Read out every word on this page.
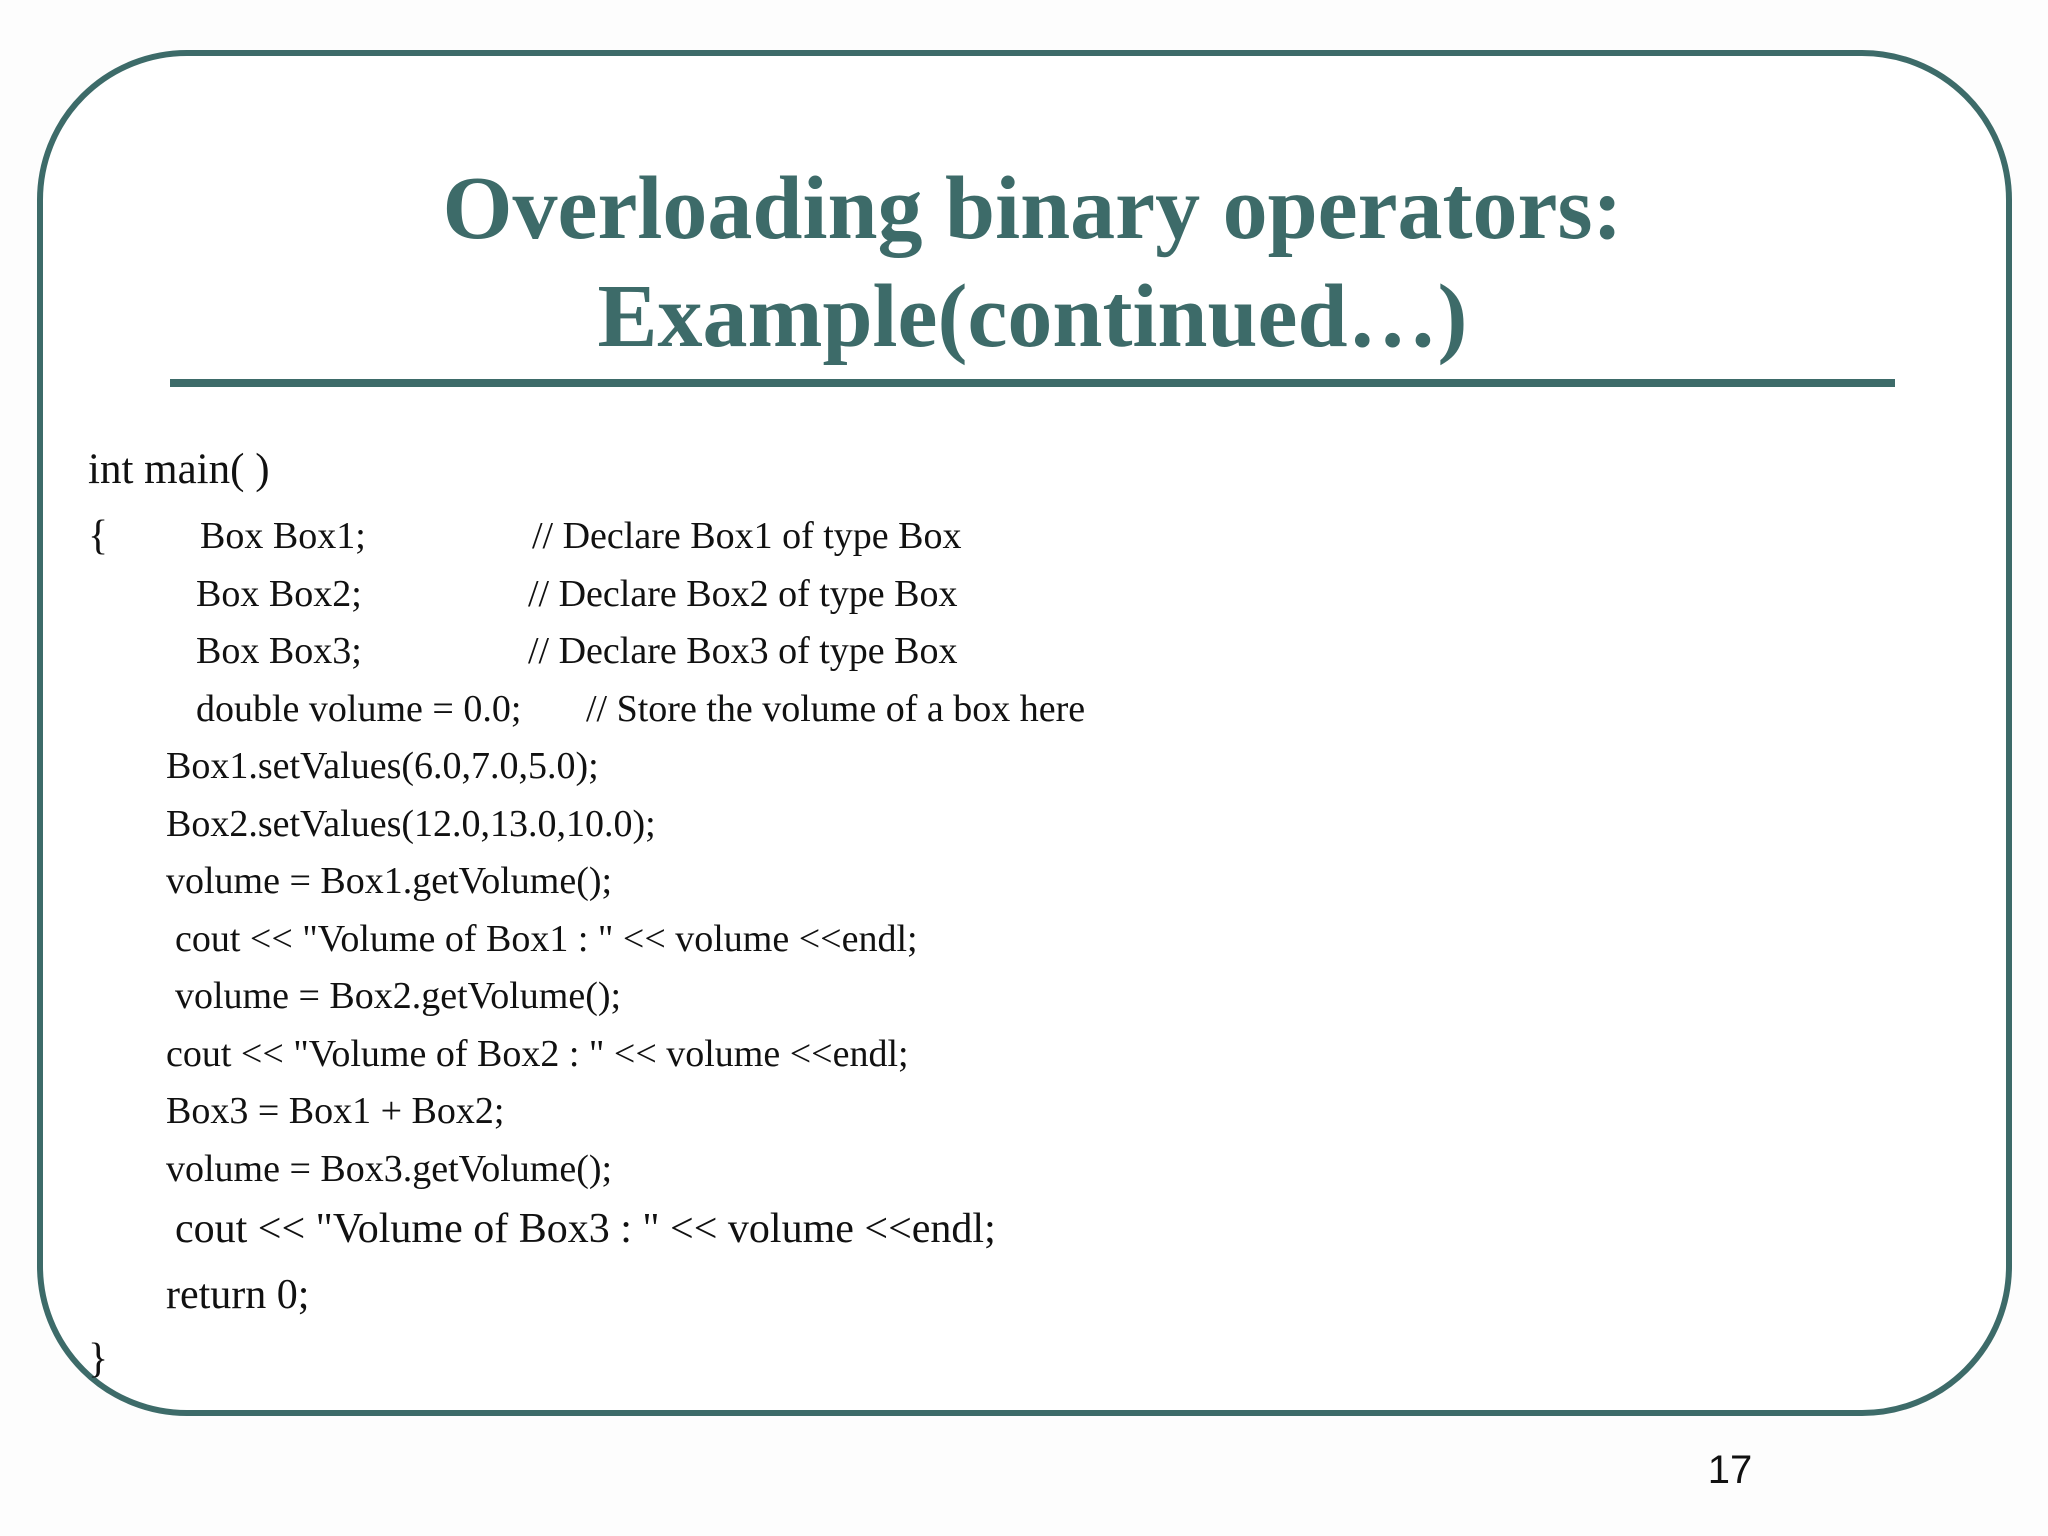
Overloading binary operators:
Example(continued…)
int main( )
{ Box Box1;	// Declare Box1 of type Box
Box Box2;	// Declare Box2 of type Box
Box Box3;	// Declare Box3 of type Box
double volume = 0.0; // Store the volume of a box here
Box1.setValues(6.0,7.0,5.0);
Box2.setValues(12.0,13.0,10.0);
volume = Box1.getVolume();
cout << "Volume of Box1 : " << volume <<endl;
volume = Box2.getVolume();
cout << "Volume of Box2 : " << volume <<endl;
Box3 = Box1 + Box2;
volume = Box3.getVolume();
cout << "Volume of Box3 : " << volume <<endl;
return 0;
}
17
